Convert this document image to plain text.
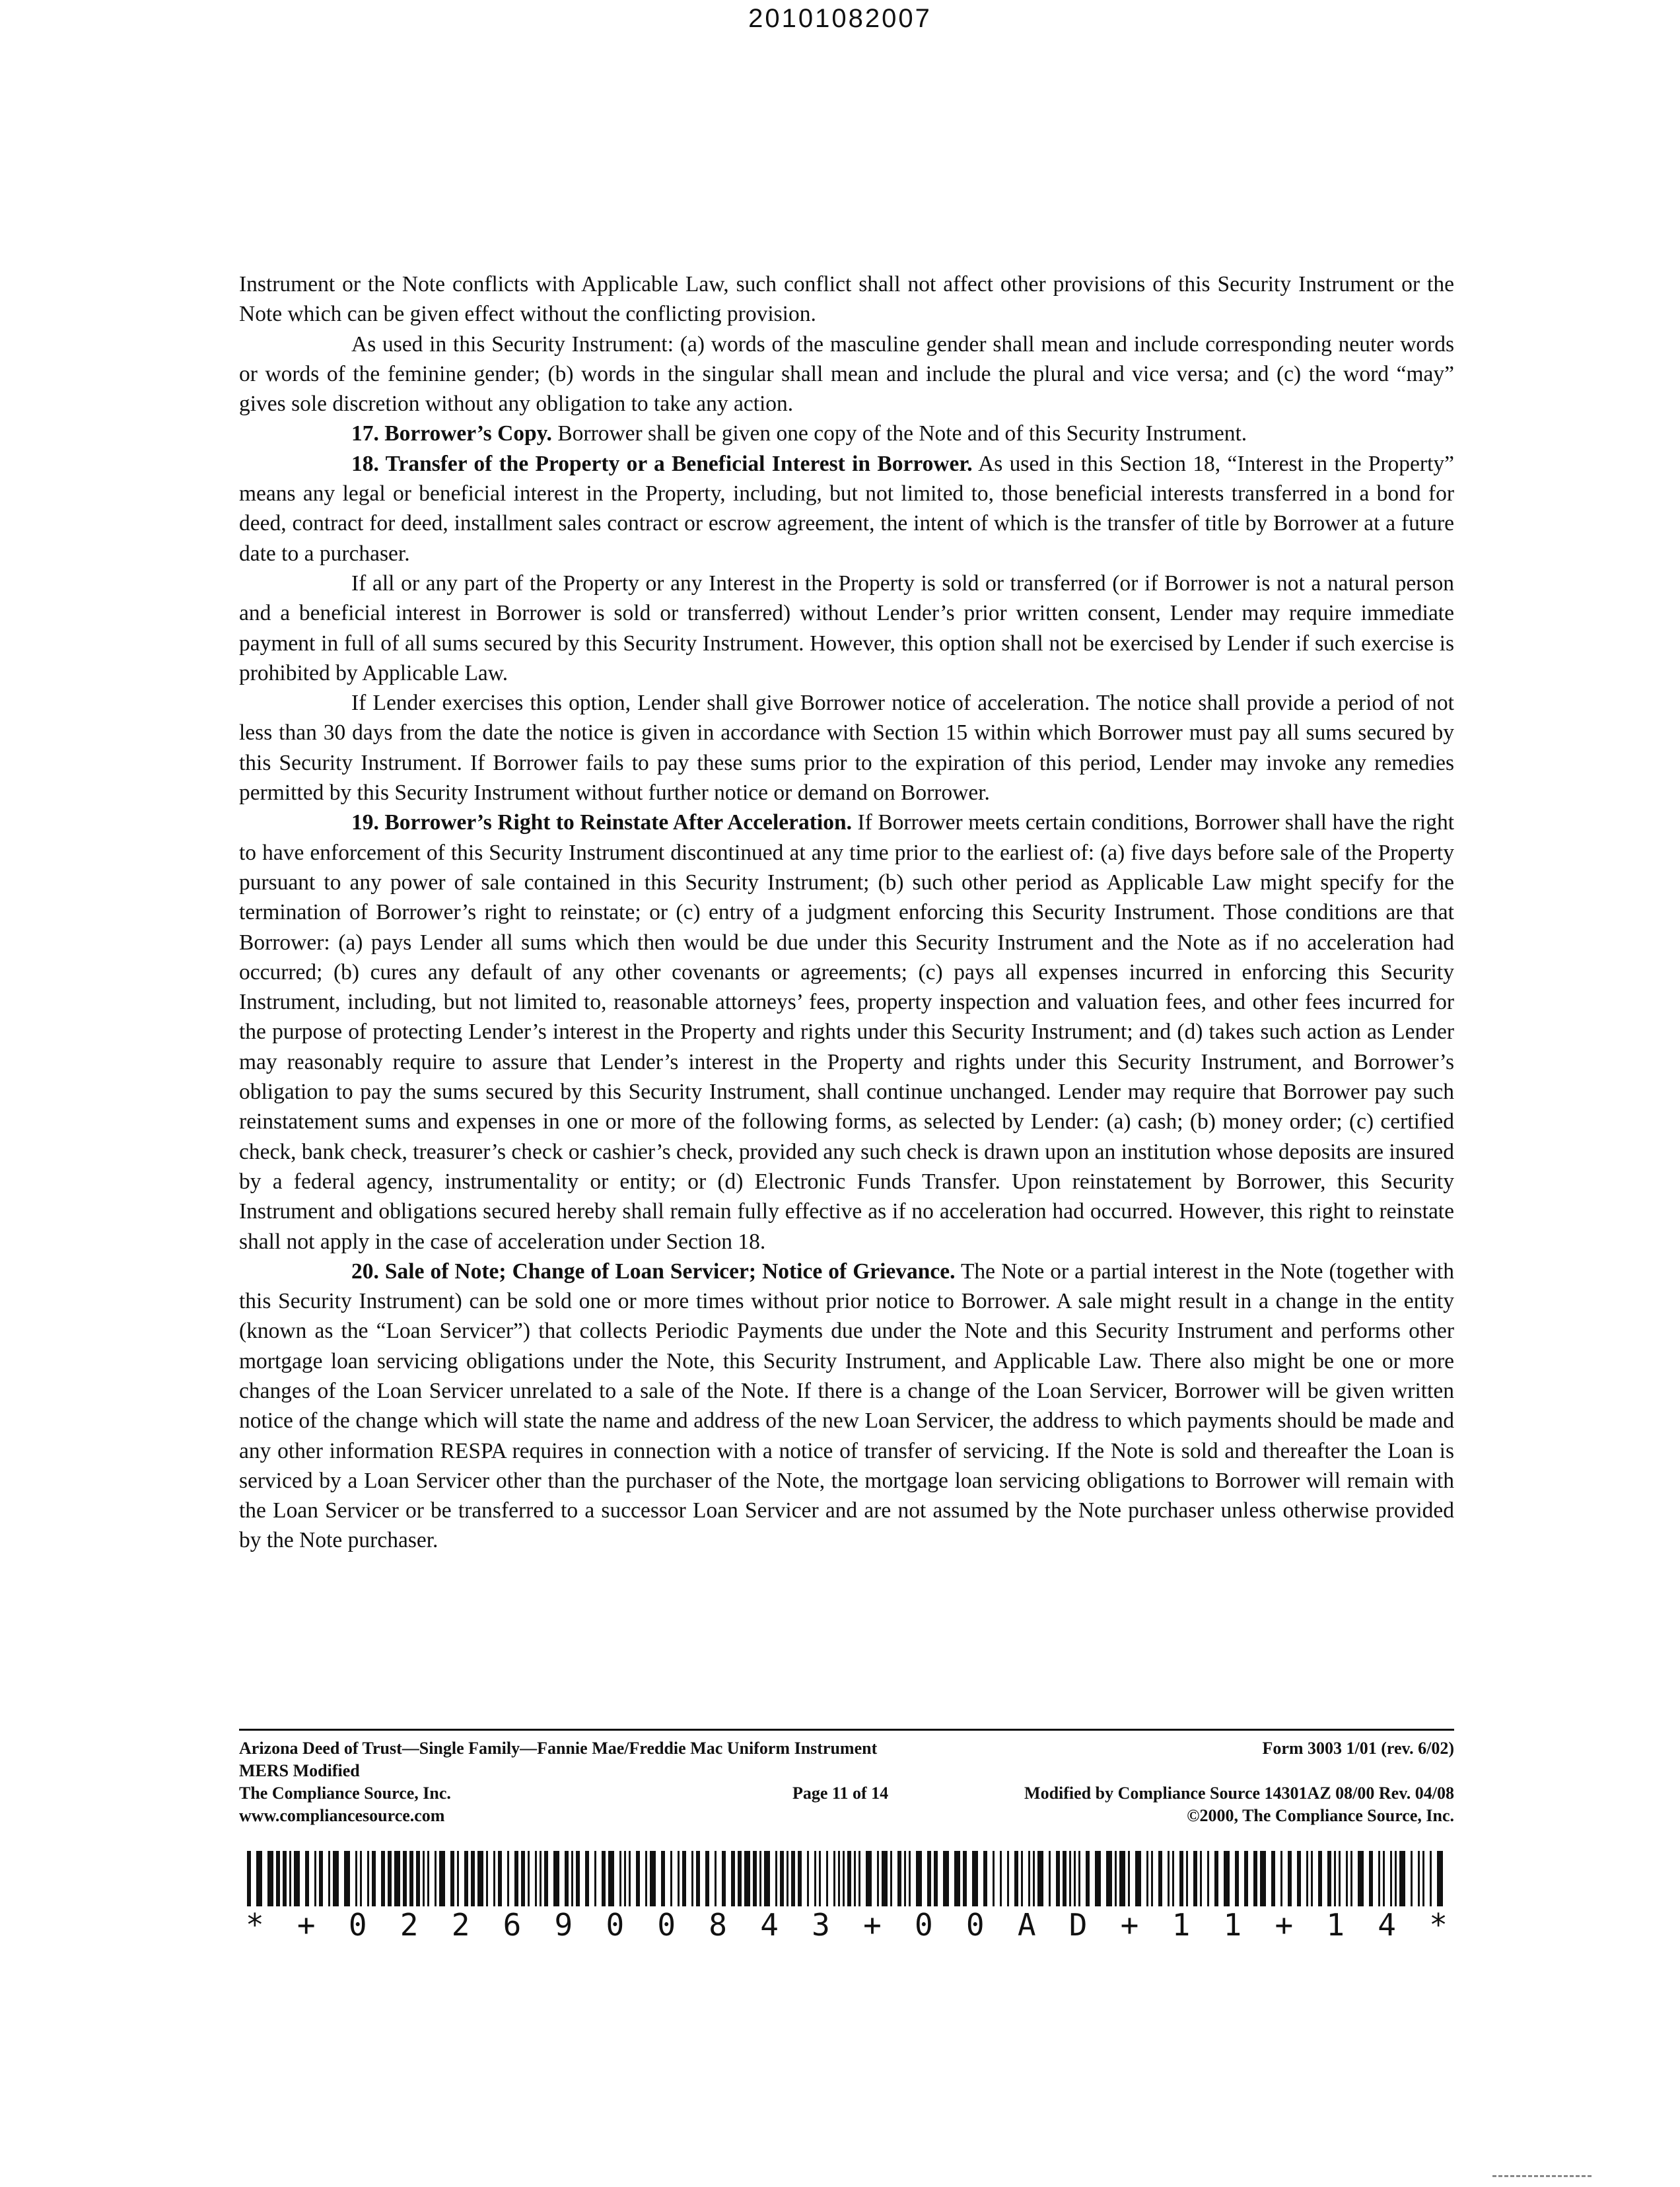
20101082007

Instrument or the Note conflicts with Applicable Law, such conflict shall not affect other provisions of this Security Instrument or the Note which can be given effect without the conflicting provision.

As used in this Security Instrument: (a) words of the masculine gender shall mean and include corresponding neuter words or words of the feminine gender; (b) words in the singular shall mean and include the plural and vice versa; and (c) the word “may” gives sole discretion without any obligation to take any action.

17. Borrower’s Copy. Borrower shall be given one copy of the Note and of this Security Instrument.

18. Transfer of the Property or a Beneficial Interest in Borrower. As used in this Section 18, “Interest in the Property” means any legal or beneficial interest in the Property, including, but not limited to, those beneficial interests transferred in a bond for deed, contract for deed, installment sales contract or escrow agreement, the intent of which is the transfer of title by Borrower at a future date to a purchaser.

If all or any part of the Property or any Interest in the Property is sold or transferred (or if Borrower is not a natural person and a beneficial interest in Borrower is sold or transferred) without Lender’s prior written consent, Lender may require immediate payment in full of all sums secured by this Security Instrument. However, this option shall not be exercised by Lender if such exercise is prohibited by Applicable Law.

If Lender exercises this option, Lender shall give Borrower notice of acceleration. The notice shall provide a period of not less than 30 days from the date the notice is given in accordance with Section 15 within which Borrower must pay all sums secured by this Security Instrument. If Borrower fails to pay these sums prior to the expiration of this period, Lender may invoke any remedies permitted by this Security Instrument without further notice or demand on Borrower.

19. Borrower’s Right to Reinstate After Acceleration. If Borrower meets certain conditions, Borrower shall have the right to have enforcement of this Security Instrument discontinued at any time prior to the earliest of: (a) five days before sale of the Property pursuant to any power of sale contained in this Security Instrument; (b) such other period as Applicable Law might specify for the termination of Borrower’s right to reinstate; or (c) entry of a judgment enforcing this Security Instrument. Those conditions are that Borrower: (a) pays Lender all sums which then would be due under this Security Instrument and the Note as if no acceleration had occurred; (b) cures any default of any other covenants or agreements; (c) pays all expenses incurred in enforcing this Security Instrument, including, but not limited to, reasonable attorneys’ fees, property inspection and valuation fees, and other fees incurred for the purpose of protecting Lender’s interest in the Property and rights under this Security Instrument; and (d) takes such action as Lender may reasonably require to assure that Lender’s interest in the Property and rights under this Security Instrument, and Borrower’s obligation to pay the sums secured by this Security Instrument, shall continue unchanged. Lender may require that Borrower pay such reinstatement sums and expenses in one or more of the following forms, as selected by Lender: (a) cash; (b) money order; (c) certified check, bank check, treasurer’s check or cashier’s check, provided any such check is drawn upon an institution whose deposits are insured by a federal agency, instrumentality or entity; or (d) Electronic Funds Transfer. Upon reinstatement by Borrower, this Security Instrument and obligations secured hereby shall remain fully effective as if no acceleration had occurred. However, this right to reinstate shall not apply in the case of acceleration under Section 18.

20. Sale of Note; Change of Loan Servicer; Notice of Grievance. The Note or a partial interest in the Note (together with this Security Instrument) can be sold one or more times without prior notice to Borrower. A sale might result in a change in the entity (known as the “Loan Servicer”) that collects Periodic Payments due under the Note and this Security Instrument and performs other mortgage loan servicing obligations under the Note, this Security Instrument, and Applicable Law. There also might be one or more changes of the Loan Servicer unrelated to a sale of the Note. If there is a change of the Loan Servicer, Borrower will be given written notice of the change which will state the name and address of the new Loan Servicer, the address to which payments should be made and any other information RESPA requires in connection with a notice of transfer of servicing. If the Note is sold and thereafter the Loan is serviced by a Loan Servicer other than the purchaser of the Note, the mortgage loan servicing obligations to Borrower will remain with the Loan Servicer or be transferred to a successor Loan Servicer and are not assumed by the Note purchaser unless otherwise provided by the Note purchaser.

Arizona Deed of Trust—Single Family—Fannie Mae/Freddie Mac Uniform Instrument	Form 3003 1/01 (rev. 6/02)
MERS Modified
The Compliance Source, Inc.	Page 11 of 14	Modified by Compliance Source 14301AZ 08/00 Rev. 04/08
www.compliancesource.com	©2000, The Compliance Source, Inc.
* + 0 2 2 6 9 0 0 8 4 3 + 0 0 A D + 1 1 + 1 4 *
